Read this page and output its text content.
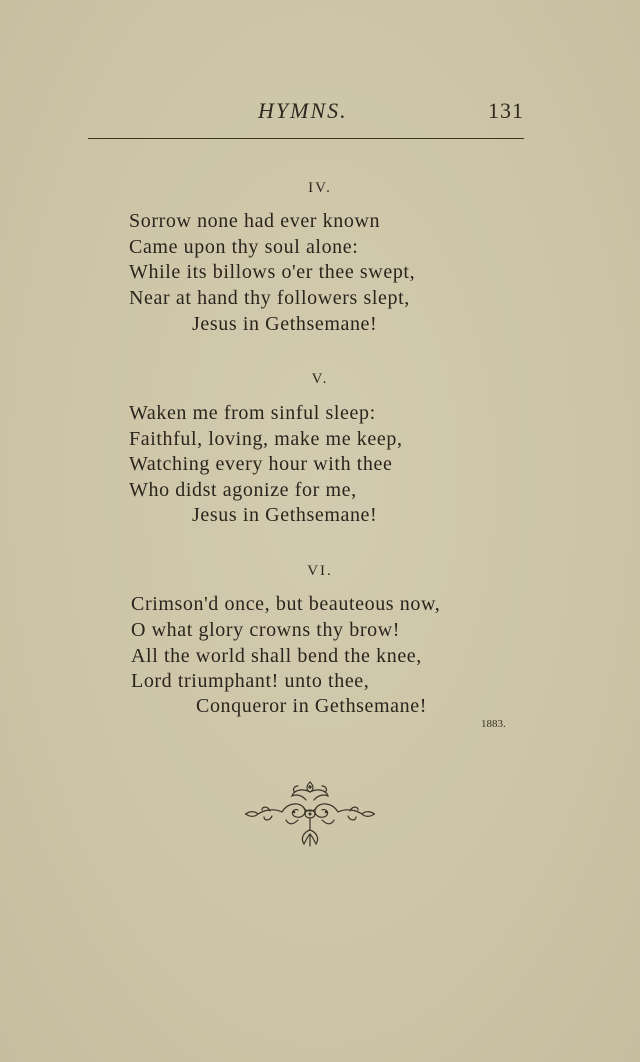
HYMNS.	131
IV.
Sorrow none had ever known
Came upon thy soul alone:
While its billows o'er thee swept,
Near at hand thy followers slept,
Jesus in Gethsemane!
V.
Waken me from sinful sleep:
Faithful, loving, make me keep,
Watching every hour with thee
Who didst agonize for me,
Jesus in Gethsemane!
VI.
Crimson'd once, but beauteous now,
O what glory crowns thy brow!
All the world shall bend the knee,
Lord triumphant! unto thee,
Conqueror in Gethsemane!
1883.
